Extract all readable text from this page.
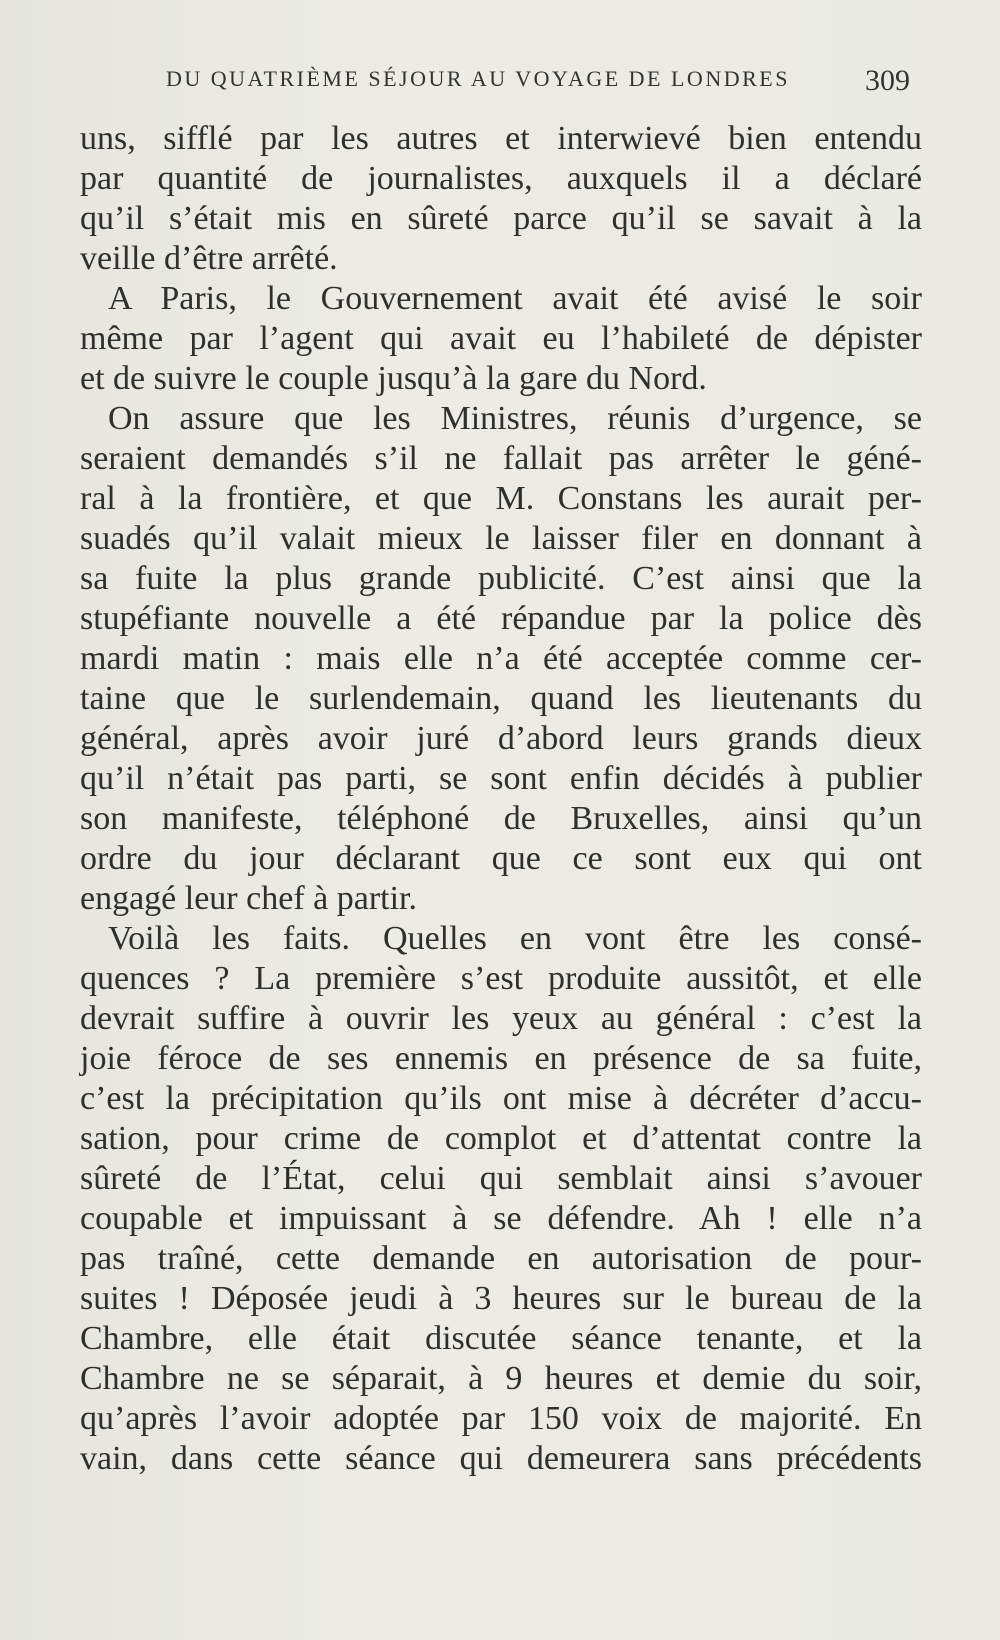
DU QUATRIÈME SÉJOUR AU VOYAGE DE LONDRES	309
uns, sifflé par les autres et interwievé bien entendu
par quantité de journalistes, auxquels il a déclaré
qu’il s’était mis en sûreté parce qu’il se savait à la
veille d’être arrêté.
A Paris, le Gouvernement avait été avisé le soir
même par l’agent qui avait eu l’habileté de dépister
et de suivre le couple jusqu’à la gare du Nord.
On assure que les Ministres, réunis d’urgence, se
seraient demandés s’il ne fallait pas arrêter le géné-
ral à la frontière, et que M. Constans les aurait per-
suadés qu’il valait mieux le laisser filer en donnant à
sa fuite la plus grande publicité. C’est ainsi que la
stupéfiante nouvelle a été répandue par la police dès
mardi matin : mais elle n’a été acceptée comme cer-
taine que le surlendemain, quand les lieutenants du
général, après avoir juré d’abord leurs grands dieux
qu’il n’était pas parti, se sont enfin décidés à publier
son manifeste, téléphoné de Bruxelles, ainsi qu’un
ordre du jour déclarant que ce sont eux qui ont
engagé leur chef à partir.
Voilà les faits. Quelles en vont être les consé-
quences ? La première s’est produite aussitôt, et elle
devrait suffire à ouvrir les yeux au général : c’est la
joie féroce de ses ennemis en présence de sa fuite,
c’est la précipitation qu’ils ont mise à décréter d’accu-
sation, pour crime de complot et d’attentat contre la
sûreté de l’État, celui qui semblait ainsi s’avouer
coupable et impuissant à se défendre. Ah ! elle n’a
pas traîné, cette demande en autorisation de pour-
suites ! Déposée jeudi à 3 heures sur le bureau de la
Chambre, elle était discutée séance tenante, et la
Chambre ne se séparait, à 9 heures et demie du soir,
qu’après l’avoir adoptée par 150 voix de majorité. En
vain, dans cette séance qui demeurera sans précédents
